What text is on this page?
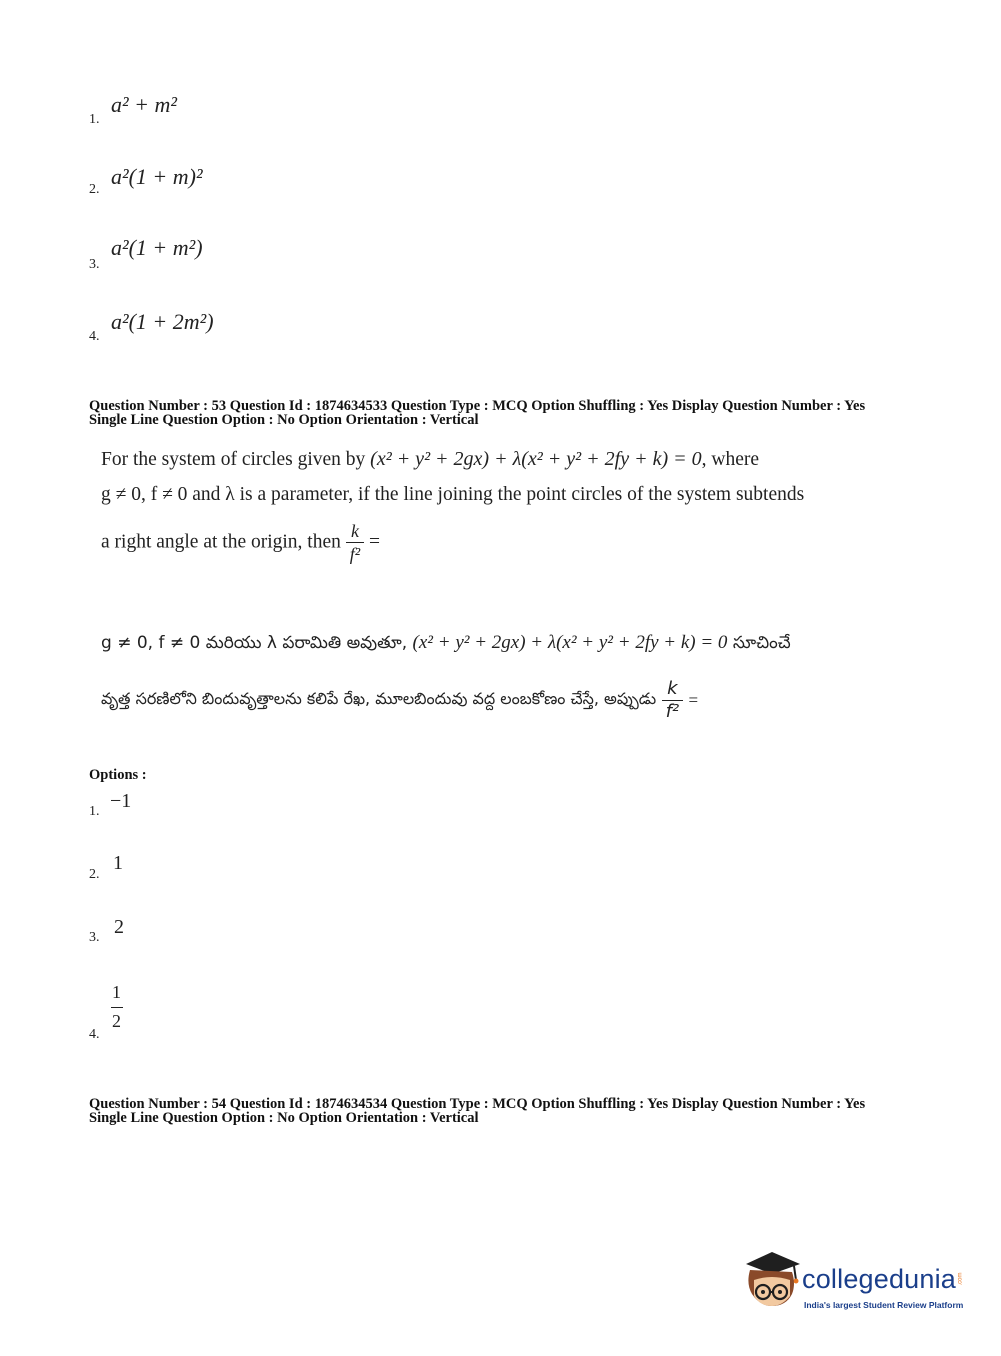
1.
a² + m²
2.
a²(1 + m)²
3.
a²(1 + m²)
4.
a²(1 + 2m²)
Question Number : 53 Question Id : 1874634533 Question Type : MCQ Option Shuffling : Yes Display Question Number : Yes
Single Line Question Option : No Option Orientation : Vertical
For the system of circles given by (x² + y² + 2gx) + λ(x² + y² + 2fy + k) = 0, where
g ≠ 0, f ≠ 0 and λ is a parameter, if the line joining the point circles of the system subtends
a right angle at the origin, then $\frac{k}{\text{f²}}$ =
g ≠ 0, f ≠ 0 మరియు λ పరామితి అవుతూ, (x² + y² + 2gx) + λ(x² + y² + 2fy + k) = 0 సూచించే
వృత్త సరణిలోని బిందువృత్తాలను కలిపే రేఖ, మూలబిందువు వద్ద లంబకోణం చేస్తే, అప్పుడు $\frac{k}{\text{f²}}$ =
Options :
1. −1
2.
1
3. 2
4.
1
2
Question Number : 54 Question Id : 1874634534 Question Type : MCQ Option Shuffling : Yes Display Question Number : Yes
Single Line Question Option : No Option Orientation : Vertical
collegedunia .com
India's largest Student Review Platform
